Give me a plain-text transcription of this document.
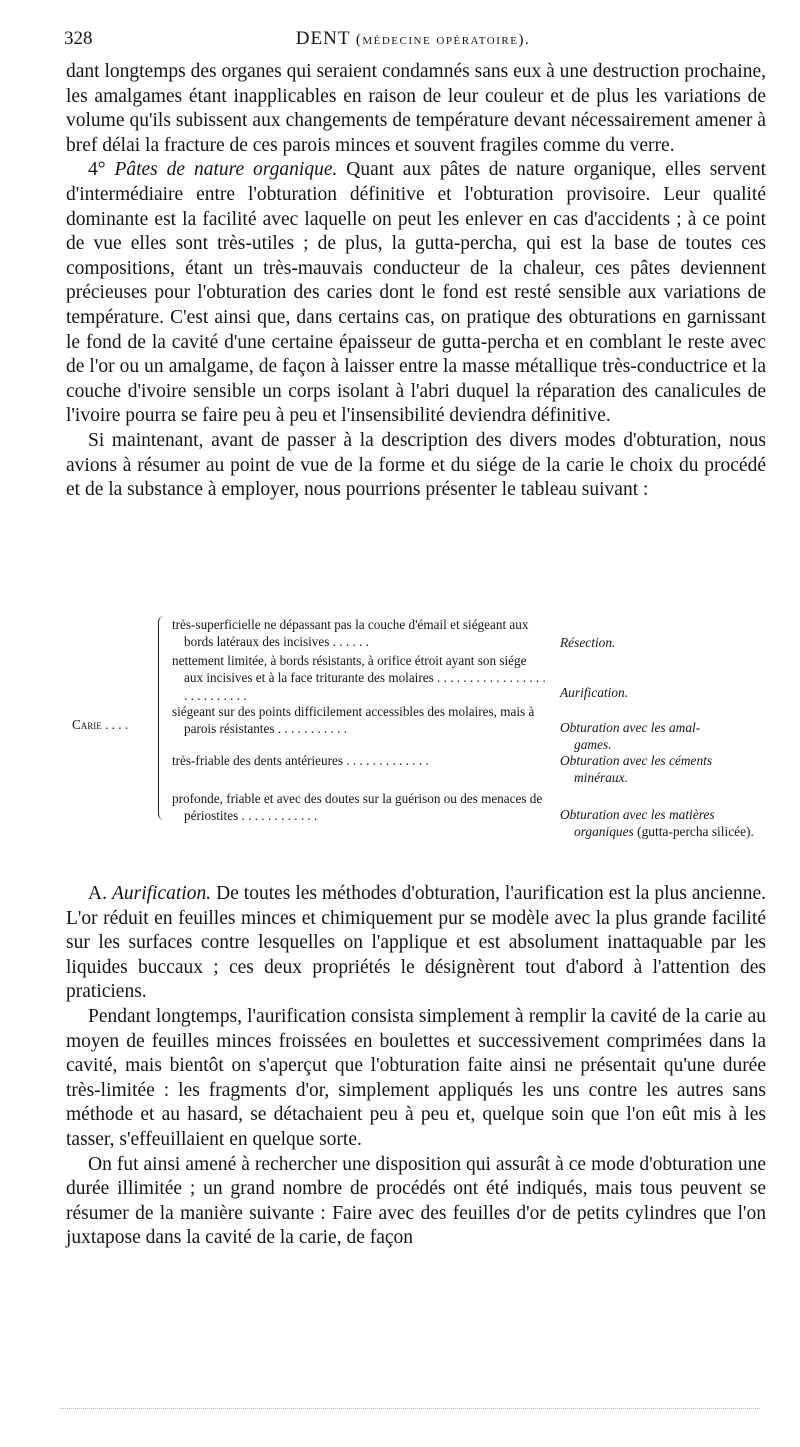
328	DENT (médecine opératoire).

dant longtemps des organes qui seraient condamnés sans eux à une destruction prochaine, les amalgames étant inapplicables en raison de leur couleur et de plus les variations de volume qu'ils subissent aux changements de température devant nécessairement amener à bref délai la fracture de ces parois minces et souvent fragiles comme du verre.

4° Pâtes de nature organique. Quant aux pâtes de nature organique, elles servent d'intermédiaire entre l'obturation définitive et l'obturation provisoire. Leur qualité dominante est la facilité avec laquelle on peut les enlever en cas d'accidents ; à ce point de vue elles sont très-utiles ; de plus, la gutta-percha, qui est la base de toutes ces compositions, étant un très-mauvais conducteur de la chaleur, ces pâtes deviennent précieuses pour l'obturation des caries dont le fond est resté sensible aux variations de température. C'est ainsi que, dans certains cas, on pratique des obturations en garnissant le fond de la cavité d'une certaine épaisseur de gutta-percha et en comblant le reste avec de l'or ou un amalgame, de façon à laisser entre la masse métallique très-conductrice et la couche d'ivoire sensible un corps isolant à l'abri duquel la réparation des canalicules de l'ivoire pourra se faire peu à peu et l'insensibilité deviendra définitive.

Si maintenant, avant de passer à la description des divers modes d'obturation, nous avions à résumer au point de vue de la forme et du siége de la carie le choix du procédé et de la substance à employer, nous pourrions présenter le tableau suivant :

Carie . . . .
très-superficielle ne dépassant pas la couche d'émail et siégeant aux bords latéraux des incisives . . . . . .	Résection.
nettement limitée, à bords résistants, à orifice étroit ayant son siége aux incisives et à la face triturante des molaires . . . . . . . . . . . . . . . . . . . . . . . . . . .	Aurification.
siégeant sur des points difficilement accessibles des molaires, mais à parois résistantes . . . . . . . . . . .	Obturation avec les amal-
games.
très-friable des dents antérieures . . . . . . . . . . . . .	Obturation avec les céments
minéraux.
profonde, friable et avec des doutes sur la guérison ou des menaces de périostites . . . . . . . . . . . .	Obturation avec les matières
organiques (gutta-percha silicée).

A. Aurification. De toutes les méthodes d'obturation, l'aurification est la plus ancienne. L'or réduit en feuilles minces et chimiquement pur se modèle avec la plus grande facilité sur les surfaces contre lesquelles on l'applique et est absolument inattaquable par les liquides buccaux ; ces deux propriétés le désignèrent tout d'abord à l'attention des praticiens.

Pendant longtemps, l'aurification consista simplement à remplir la cavité de la carie au moyen de feuilles minces froissées en boulettes et successivement comprimées dans la cavité, mais bientôt on s'aperçut que l'obturation faite ainsi ne présentait qu'une durée très-limitée : les fragments d'or, simplement appliqués les uns contre les autres sans méthode et au hasard, se détachaient peu à peu et, quelque soin que l'on eût mis à les tasser, s'effeuillaient en quelque sorte.

On fut ainsi amené à rechercher une disposition qui assurât à ce mode d'obturation une durée illimitée ; un grand nombre de procédés ont été indiqués, mais tous peuvent se résumer de la manière suivante : Faire avec des feuilles d'or de petits cylindres que l'on juxtapose dans la cavité de la carie, de façon
